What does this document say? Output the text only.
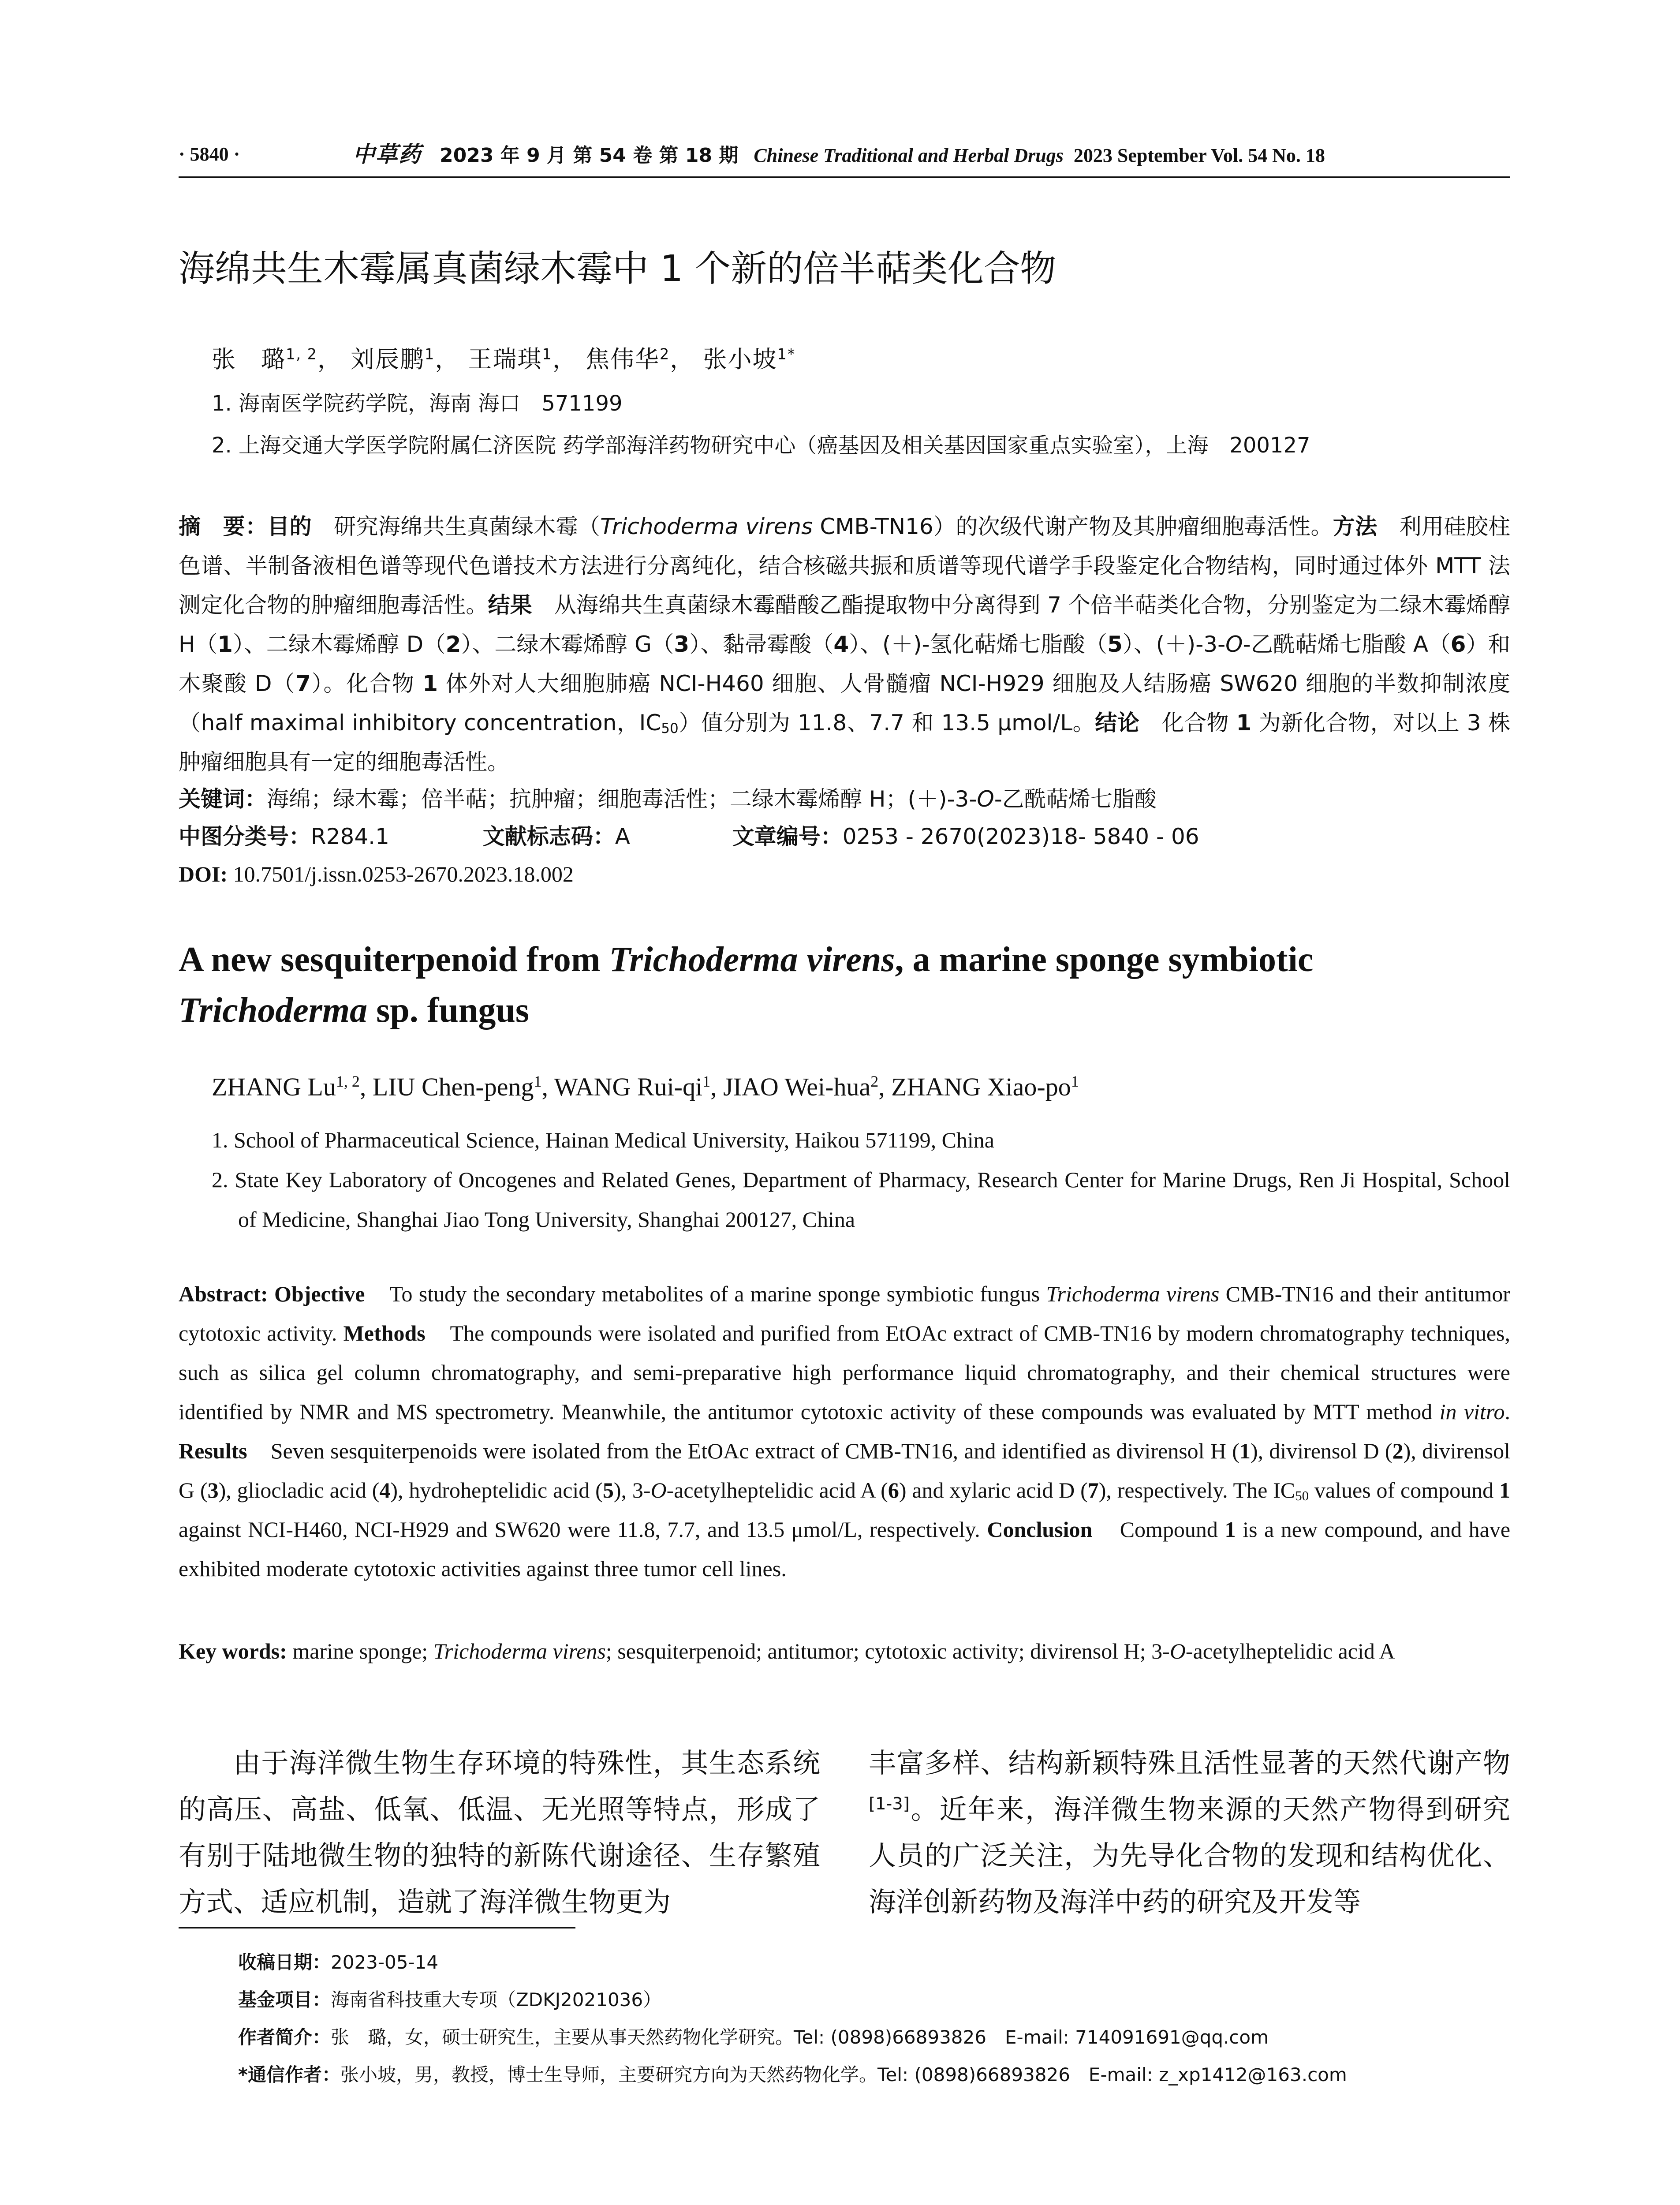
· 5840 ·	中草药 2023 年 9 月 第 54 卷 第 18 期 Chinese Traditional and Herbal Drugs 2023 September Vol. 54 No. 18
海绵共生木霉属真菌绿木霉中 1 个新的倍半萜类化合物
张　璐$^{1, 2}$， 刘辰鹏$^1$， 王瑞琪$^1$， 焦伟华$^2$， 张小坡$^{1*}$
1. 海南医学院药学院，海南 海口　571199
2. 上海交通大学医学院附属仁济医院 药学部海洋药物研究中心（癌基因及相关基因国家重点实验室），上海　200127
摘　要：目的　 研究海绵共生真菌绿木霉（Trichoderma virens CMB-TN16）的次级代谢产物及其肿瘤细胞毒活性。方法　 利用硅胶柱色谱、半制备液相色谱等现代色谱技术方法进行分离纯化，结合核磁共振和质谱等现代谱学手段鉴定化合物结构，同时通过体外 MTT 法测定化合物的肿瘤细胞毒活性。结果　 从海绵共生真菌绿木霉醋酸乙酯提取物中分离得到 7 个倍半萜类化合物，分别鉴定为二绿木霉烯醇 H（1）、二绿木霉烯醇 D（2）、二绿木霉烯醇 G（3）、黏帚霉酸（4）、(＋)-氢化萜烯七脂酸（5）、(＋)-3-O-乙酰萜烯七脂酸 A（6）和木聚酸 D（7）。化合物 1 体外对人大细胞肺癌 NCI-H460 细胞、人骨髓瘤 NCI-H929 细胞及人结肠癌 SW620 细胞的半数抑制浓度（half maximal inhibitory concentration，$IC_{50}$）值分别为 11.8、7.7 和 13.5 μmol/L。结论　 化合物 1 为新化合物，对以上 3 株肿瘤细胞具有一定的细胞毒活性。
关键词：海绵；绿木霉；倍半萜；抗肿瘤；细胞毒活性；二绿木霉烯醇 H；(＋)-3-O-乙酰萜烯七脂酸
中图分类号：R284.1	文献标志码：A	文章编号：0253 - 2670(2023)18- 5840 - 06
DOI: 10.7501/j.issn.0253-2670.2023.18.002
A new sesquiterpenoid from Trichoderma virens, a marine sponge symbiotic
Trichoderma sp. fungus
ZHANG Lu$^{1, 2}$, LIU Chen-peng$^1$, WANG Rui-$qi^1$, JIAO Wei-hua$^2$, ZHANG Xiao-$po^1$
1. School of Pharmaceutical Science, Hainan Medical University, Haikou 571199, China
2. State Key Laboratory of Oncogenes and Related Genes, Department of Pharmacy, Research Center for Marine Drugs, Ren Ji Hospital, School of Medicine, Shanghai Jiao Tong University, Shanghai 200127, China
Abstract: Objective To study the secondary metabolites of a marine sponge symbiotic fungus Trichoderma virens CMB-TN16 and their antitumor cytotoxic activity. Methods The compounds were isolated and purified from EtOAc extract of CMB-TN16 by modern chromatography techniques, such as silica gel column chromatography, and semi-preparative high performance liquid chromatography, and their chemical structures were identified by NMR and MS spectrometry. Meanwhile, the antitumor cytotoxic activity of these compounds was evaluated by MTT method in vitro. Results Seven sesquiterpenoids were isolated from the EtOAc extract of CMB-TN16, and identified as divirensol H (1), divirensol D (2), divirensol G (3), gliocladic acid (4), hydroheptelidic acid (5), 3-O-acetylheptelidic acid A (6) and xylaric acid D (7), respectively. The $IC_{50}$ values of compound 1 against NCI-H460, NCI-H929 and SW620 were 11.8, 7.7, and 13.5 μmol/L, respectively. Conclusion Compound 1 is a new compound, and have exhibited moderate cytotoxic activities against three tumor cell lines.
Key words: marine sponge; Trichoderma virens; sesquiterpenoid; antitumor; cytotoxic activity; divirensol H; 3-O-acetylheptelidic acid A
由于海洋微生物生存环境的特殊性，其生态系统的高压、高盐、低氧、低温、无光照等特点，形成了有别于陆地微生物的独特的新陈代谢途径、生存繁殖方式、适应机制，造就了海洋微生物更为
丰富多样、结构新颖特殊且活性显著的天然代谢产物[1-3]。近年来，海洋微生物来源的天然产物得到研究人员的广泛关注，为先导化合物的发现和结构优化、海洋创新药物及海洋中药的研究及开发等
收稿日期：2023-05-14
基金项目：海南省科技重大专项（ZDKJ2021036）
作者简介：张　璐，女，硕士研究生，主要从事天然药物化学研究。Tel: (0898)66893826　E-mail: 714091691@qq.com
*通信作者：张小坡，男，教授，博士生导师，主要研究方向为天然药物化学。Tel: (0898)66893826　E-mail: z_xp1412@163.com
